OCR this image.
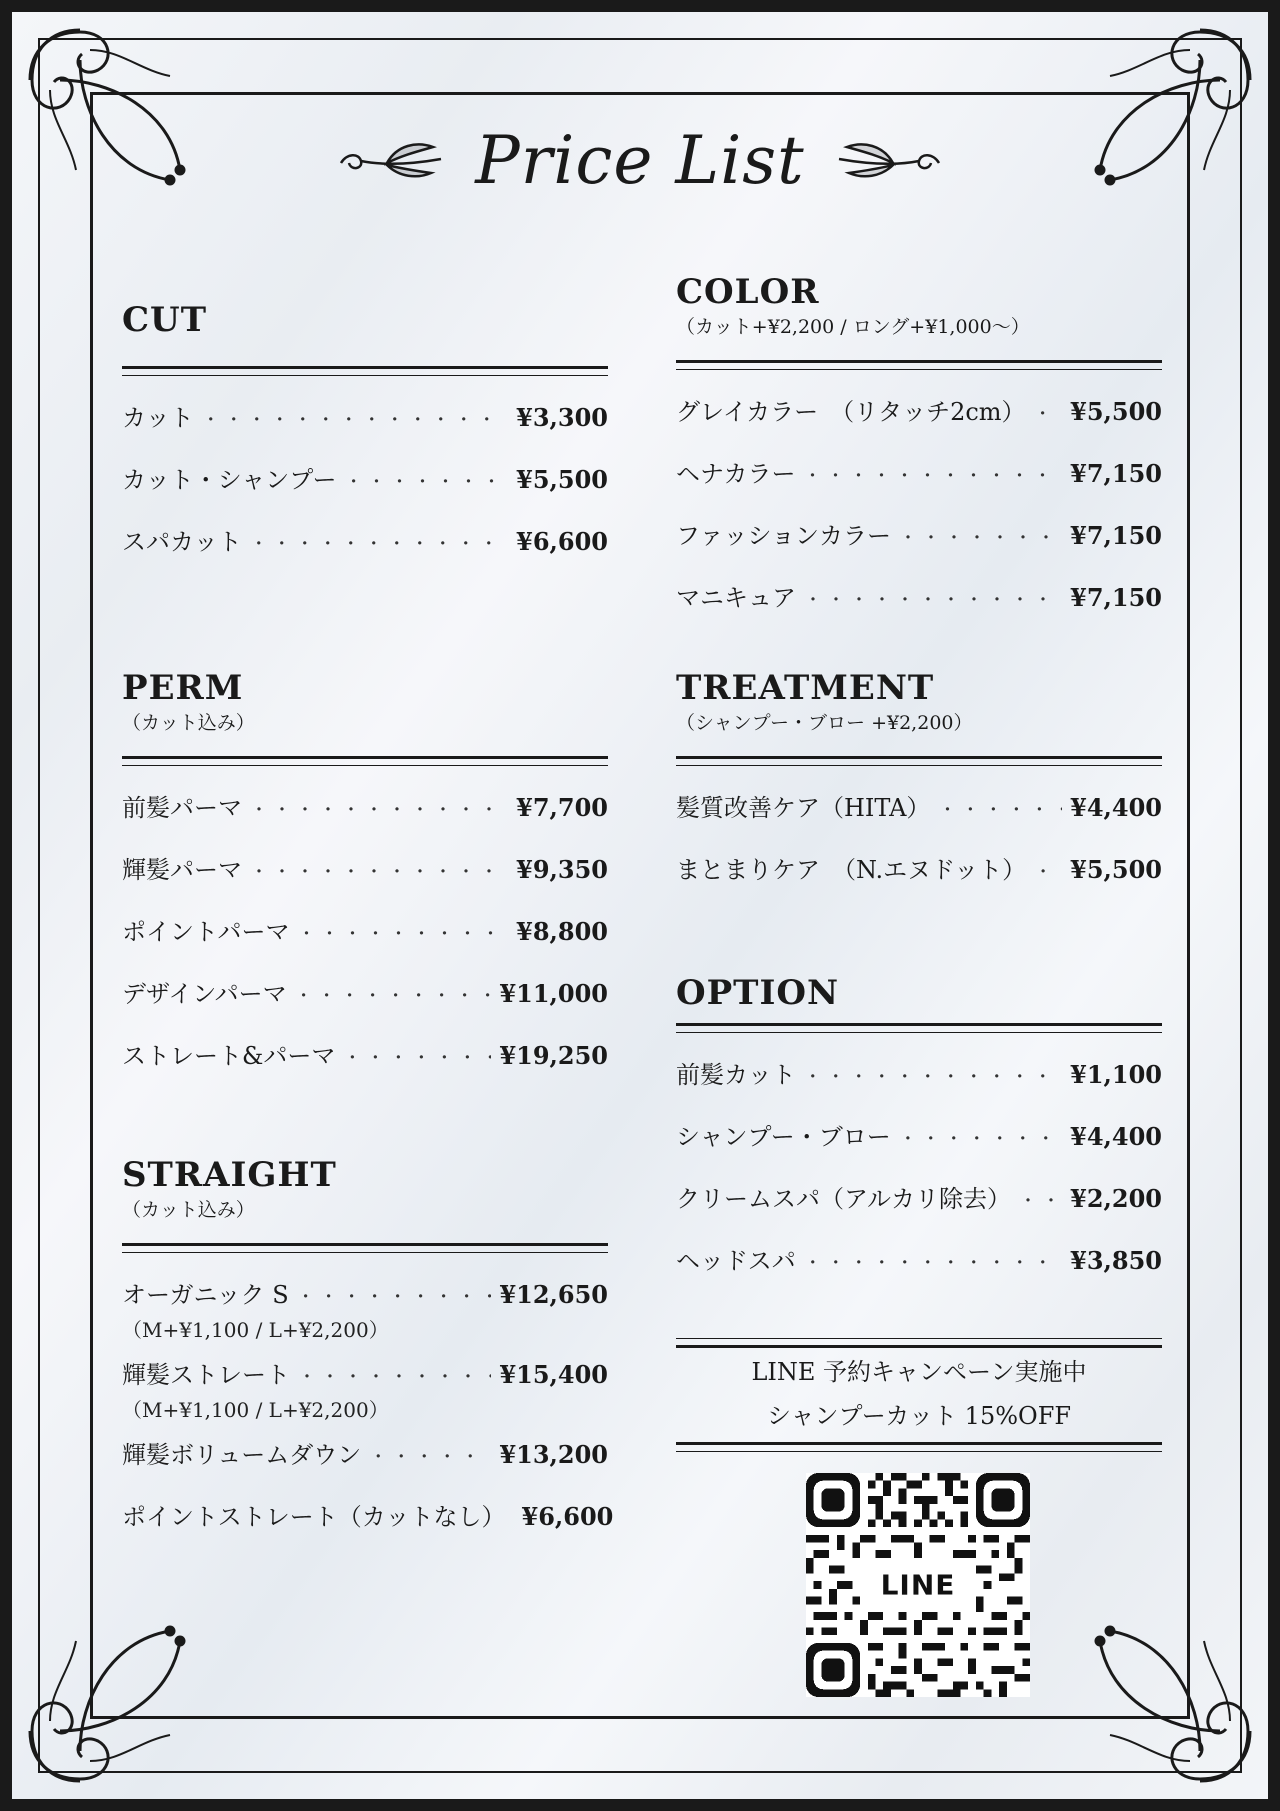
Price List
CUT
カット ・・・・・・・・・・・・・・・・・・・・・・・・・・・・・・・・・・・・・・・	¥3,300
カット・シャンプー ・・・・・・・・・・・・・・・・・・・・・・・・・・・・・・・・・・・・・・・	¥5,500
スパカット ・・・・・・・・・・・・・・・・・・・・・・・・・・・・・・・・・・・・・・・	¥6,600
PERM
（カット込み）
前髪パーマ ・・・・・・・・・・・・・・・・・・・・・・・・・・・・・・・・・・・・・・・	¥7,700
輝髪パーマ ・・・・・・・・・・・・・・・・・・・・・・・・・・・・・・・・・・・・・・・	¥9,350
ポイントパーマ ・・・・・・・・・・・・・・・・・・・・・・・・・・・・・・・・・・・・・・・	¥8,800
デザインパーマ ・・・・・・・・・・・・・・・・・・・・・・・・・・・・・・・・・・・・・・・	¥11,000
ストレート&パーマ ・・・・・・・・・・・・・・・・・・・・・・・・・・・・・・・・・・・・・・・	¥19,250
STRAIGHT
（カット込み）
オーガニック S ・・・・・・・・・・・・・・・・・・・・・・・・・・・・・・・・・・・・・・・	¥12,650
（M+¥1,100 / L+¥2,200）
輝髪ストレート ・・・・・・・・・・・・・・・・・・・・・・・・・・・・・・・・・・・・・・・	¥15,400
（M+¥1,100 / L+¥2,200）
輝髪ボリュームダウン ・・・・・・・・・・・・・・・・・・・・・・・・・・・・・・・・・・・・・・・	¥13,200
ポイントストレート（カットなし） ¥6,600
COLOR
（カット+¥2,200 / ロング+¥1,000～）
グレイカラー　（リタッチ2cm） ・・・・・・・・・・・・・・・・・・・・・・・・・・・・・・・・・・・・・・・ ¥5,500
ヘナカラー ・・・・・・・・・・・・・・・・・・・・・・・・・・・・・・・・・・・・・・・	¥7,150
ファッションカラー ・・・・・・・・・・・・・・・・・・・・・・・・・・・・・・・・・・・・・・・	¥7,150
マニキュア ・・・・・・・・・・・・・・・・・・・・・・・・・・・・・・・・・・・・・・・	¥7,150
TREATMENT
（シャンプー・ブロー +¥2,200）
髪質改善ケア（HITA） ・・・・・・・・・・・・・・・・・・・・・・・・・・・・・・・・・・・・・・・	¥4,400
まとまりケア　（N.エヌドット） ・・・・・・・・・・・・・・・・・・・・・・・・・・・・・・・・・・・・・・・ ¥5,500
OPTION
前髪カット ・・・・・・・・・・・・・・・・・・・・・・・・・・・・・・・・・・・・・・・	¥1,100
シャンプー・ブロー ・・・・・・・・・・・・・・・・・・・・・・・・・・・・・・・・・・・・・・・	¥4,400
クリームスパ（アルカリ除去） ・・・・・・・・・・・・・・・・・・・・・・・・・・・・・・・・・・・・・・・ ¥2,200
ヘッドスパ ・・・・・・・・・・・・・・・・・・・・・・・・・・・・・・・・・・・・・・・	¥3,850
LINE 予約キャンペーン実施中
シャンプーカット 15%OFF
LINE
